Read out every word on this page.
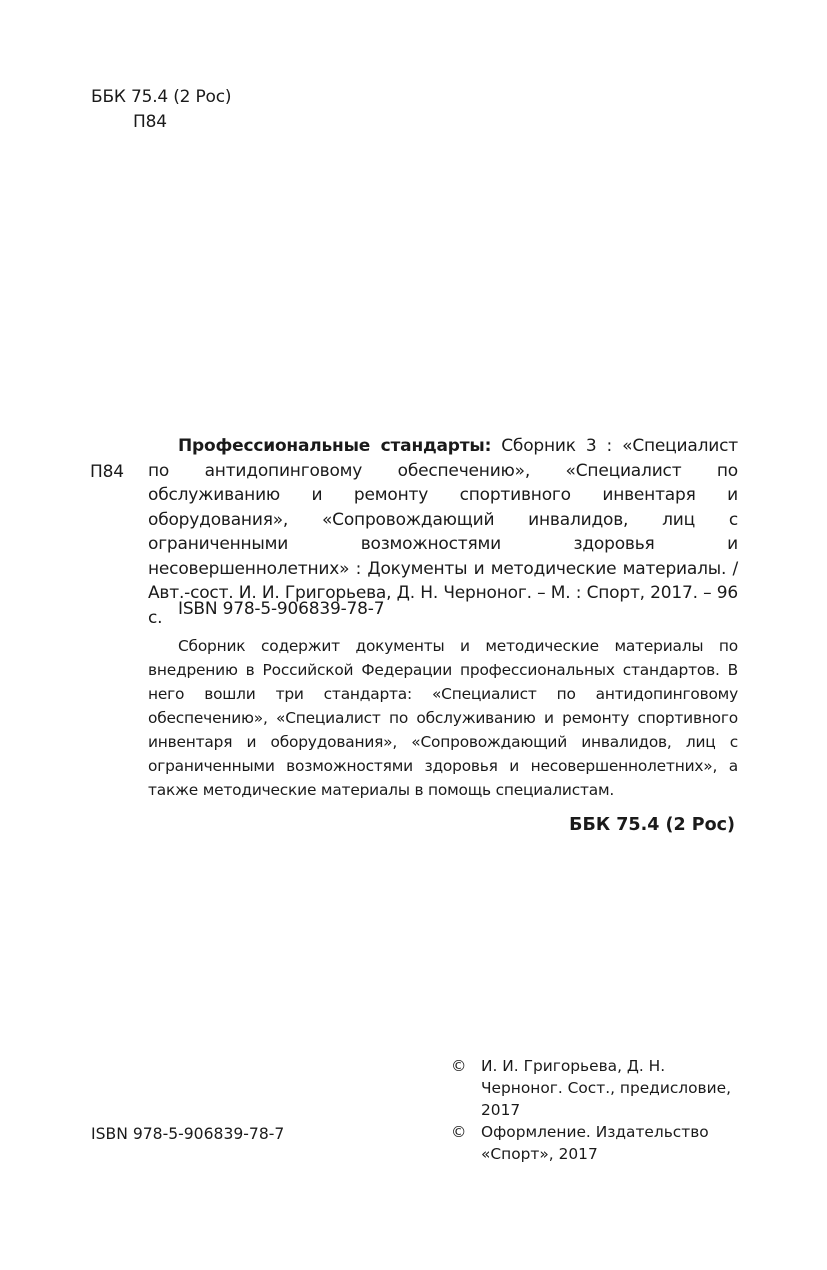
ББК 75.4 (2 Рос)
П84
П84
Профессиональные стандарты: Сборник 3 : «Специалист по антидопинговому обеспечению», «Специалист по обслуживанию и ремонту спортивного инвентаря и оборудования», «Сопровождающий инвалидов, лиц с ограниченными возможностями здоровья и несовершеннолетних» : Документы и методические материалы. / Авт.-сост. И. И. Григорьева, Д. Н. Черноног. – М. : Спорт, 2017. – 96 с. ISBN 978-5-906839-78-7
Сборник содержит документы и методические материалы по внедрению в Российской Федерации профессиональных стандартов. В него вошли три стандарта: «Специалист по антидопинговому обеспечению», «Специалист по обслуживанию и ремонту спортивного инвентаря и оборудования», «Сопровождающий инвалидов, лиц с ограниченными возможностями здоровья и несовершеннолетних», а также методические материалы в помощь специалистам.
ББК 75.4 (2 Рос)
© И. И. Григорьева, Д. Н. Черноног. Сост., предисловие, 2017
© Оформление. Издательство «Спорт», 2017
ISBN 978-5-906839-78-7
